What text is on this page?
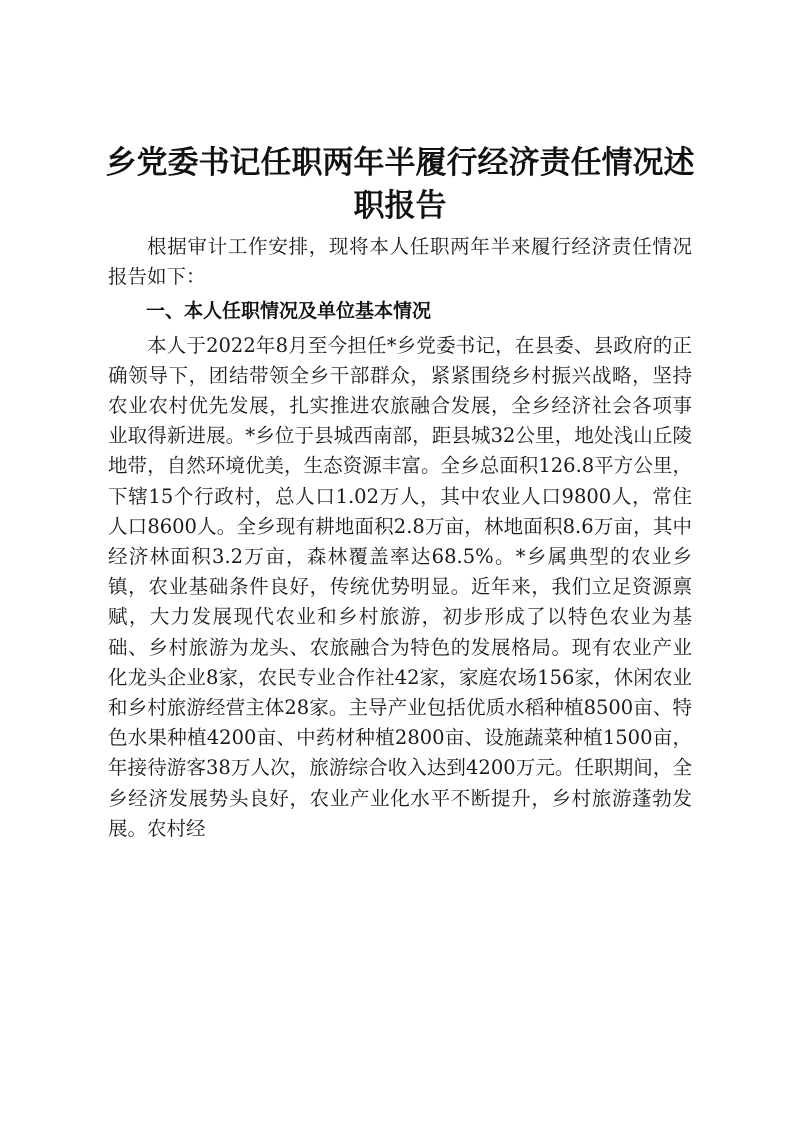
乡党委书记任职两年半履行经济责任情况述职报告

根据审计工作安排，现将本人任职两年半来履行经济责任情况报告如下：

一、本人任职情况及单位基本情况

本人于2022年8月至今担任*乡党委书记，在县委、县政府的正确领导下，团结带领全乡干部群众，紧紧围绕乡村振兴战略，坚持农业农村优先发展，扎实推进农旅融合发展，全乡经济社会各项事业取得新进展。*乡位于县城西南部，距县城32公里，地处浅山丘陵地带，自然环境优美，生态资源丰富。全乡总面积126.8平方公里，下辖15个行政村，总人口1.02万人，其中农业人口9800人，常住人口8600人。全乡现有耕地面积2.8万亩，林地面积8.6万亩，其中经济林面积3.2万亩，森林覆盖率达68.5%。*乡属典型的农业乡镇，农业基础条件良好，传统优势明显。近年来，我们立足资源禀赋，大力发展现代农业和乡村旅游，初步形成了以特色农业为基础、乡村旅游为龙头、农旅融合为特色的发展格局。现有农业产业化龙头企业8家，农民专业合作社42家，家庭农场156家，休闲农业和乡村旅游经营主体28家。主导产业包括优质水稻种植8500亩、特色水果种植4200亩、中药材种植2800亩、设施蔬菜种植1500亩，年接待游客38万人次，旅游综合收入达到4200万元。任职期间，全乡经济发展势头良好，农业产业化水平不断提升，乡村旅游蓬勃发展。农村经
